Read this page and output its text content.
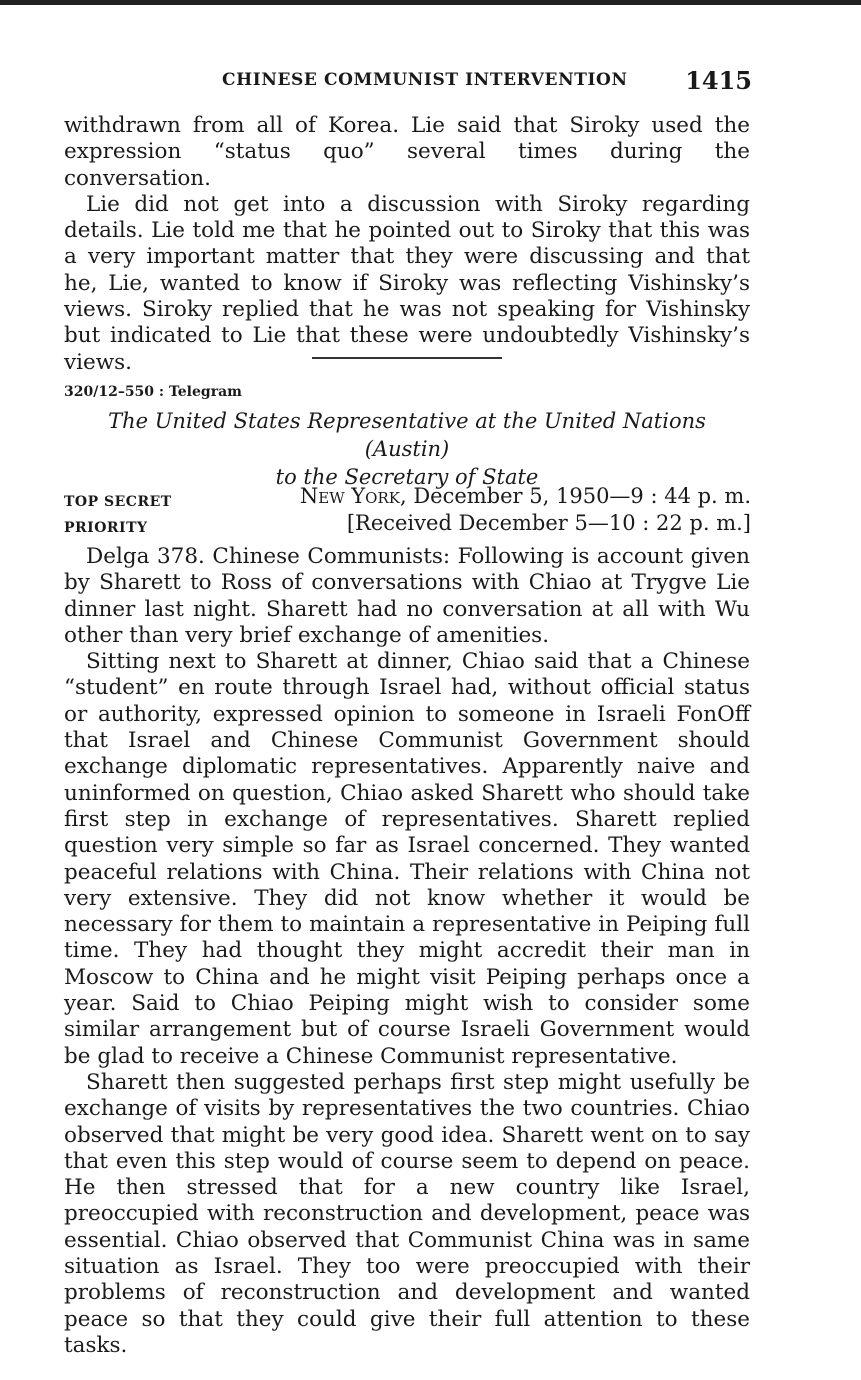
CHINESE COMMUNIST INTERVENTION 1415

withdrawn from all of Korea. Lie said that Siroky used the expression “status quo” several times during the conversation.

Lie did not get into a discussion with Siroky regarding details. Lie told me that he pointed out to Siroky that this was a very important matter that they were discussing and that he, Lie, wanted to know if Siroky was reflecting Vishinsky’s views. Siroky replied that he was not speaking for Vishinsky but indicated to Lie that these were undoubtedly Vishinsky’s views.

320/12–550 : Telegram
The United States Representative at the United Nations (Austin)
to the Secretary of State
TOP SECRET
PRIORITY
New York, December 5, 1950—9 : 44 p. m.
[Received December 5—10 : 22 p. m.]

Delga 378. Chinese Communists: Following is account given by Sharett to Ross of conversations with Chiao at Trygve Lie dinner last night. Sharett had no conversation at all with Wu other than very brief exchange of amenities.

Sitting next to Sharett at dinner, Chiao said that a Chinese “student” en route through Israel had, without official status or authority, expressed opinion to someone in Israeli FonOff that Israel and Chinese Communist Government should exchange diplomatic representatives. Apparently naive and uninformed on question, Chiao asked Sharett who should take first step in exchange of representatives. Sharett replied question very simple so far as Israel concerned. They wanted peaceful relations with China. Their relations with China not very extensive. They did not know whether it would be necessary for them to maintain a representative in Peiping full time. They had thought they might accredit their man in Moscow to China and he might visit Peiping perhaps once a year. Said to Chiao Peiping might wish to consider some similar arrangement but of course Israeli Government would be glad to receive a Chinese Communist representative.

Sharett then suggested perhaps first step might usefully be exchange of visits by representatives the two countries. Chiao observed that might be very good idea. Sharett went on to say that even this step would of course seem to depend on peace. He then stressed that for a new country like Israel, preoccupied with reconstruction and development, peace was essential. Chiao observed that Communist China was in same situation as Israel. They too were preoccupied with their problems of reconstruction and development and wanted peace so that they could give their full attention to these tasks.
